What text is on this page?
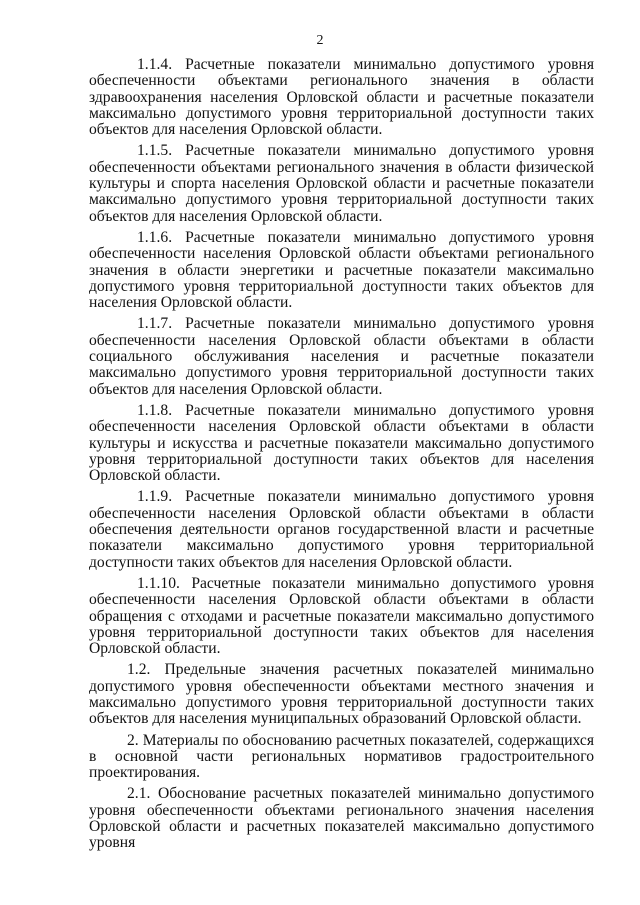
2

1.1.4. Расчетные показатели минимально допустимого уровня обеспеченности объектами регионального значения в области здравоохранения населения Орловской области и расчетные показатели максимально допустимого уровня территориальной доступности таких объектов для населения Орловской области.

1.1.5. Расчетные показатели минимально допустимого уровня обеспеченности объектами регионального значения в области физической культуры и спорта населения Орловской области и расчетные показатели максимально допустимого уровня территориальной доступности таких объектов для населения Орловской области.

1.1.6. Расчетные показатели минимально допустимого уровня обеспеченности населения Орловской области объектами регионального значения в области энергетики и расчетные показатели максимально допустимого уровня территориальной доступности таких объектов для населения Орловской области.

1.1.7. Расчетные показатели минимально допустимого уровня обеспеченности населения Орловской области объектами в области социального обслуживания населения и расчетные показатели максимально допустимого уровня территориальной доступности таких объектов для населения Орловской области.

1.1.8. Расчетные показатели минимально допустимого уровня обеспеченности населения Орловской области объектами в области культуры и искусства и расчетные показатели максимально допустимого уровня территориальной доступности таких объектов для населения Орловской области.

1.1.9. Расчетные показатели минимально допустимого уровня обеспеченности населения Орловской области объектами в области обеспечения деятельности органов государственной власти и расчетные показатели максимально допустимого уровня территориальной доступности таких объектов для населения Орловской области.

1.1.10. Расчетные показатели минимально допустимого уровня обеспеченности населения Орловской области объектами в области обращения с отходами и расчетные показатели максимально допустимого уровня территориальной доступности таких объектов для населения Орловской области.

1.2. Предельные значения расчетных показателей минимально допустимого уровня обеспеченности объектами местного значения и максимально допустимого уровня территориальной доступности таких объектов для населения муниципальных образований Орловской области.

2. Материалы по обоснованию расчетных показателей, содержащихся в основной части региональных нормативов градостроительного проектирования.

2.1. Обоснование расчетных показателей минимально допустимого уровня обеспеченности объектами регионального значения населения Орловской области и расчетных показателей максимально допустимого уровня
